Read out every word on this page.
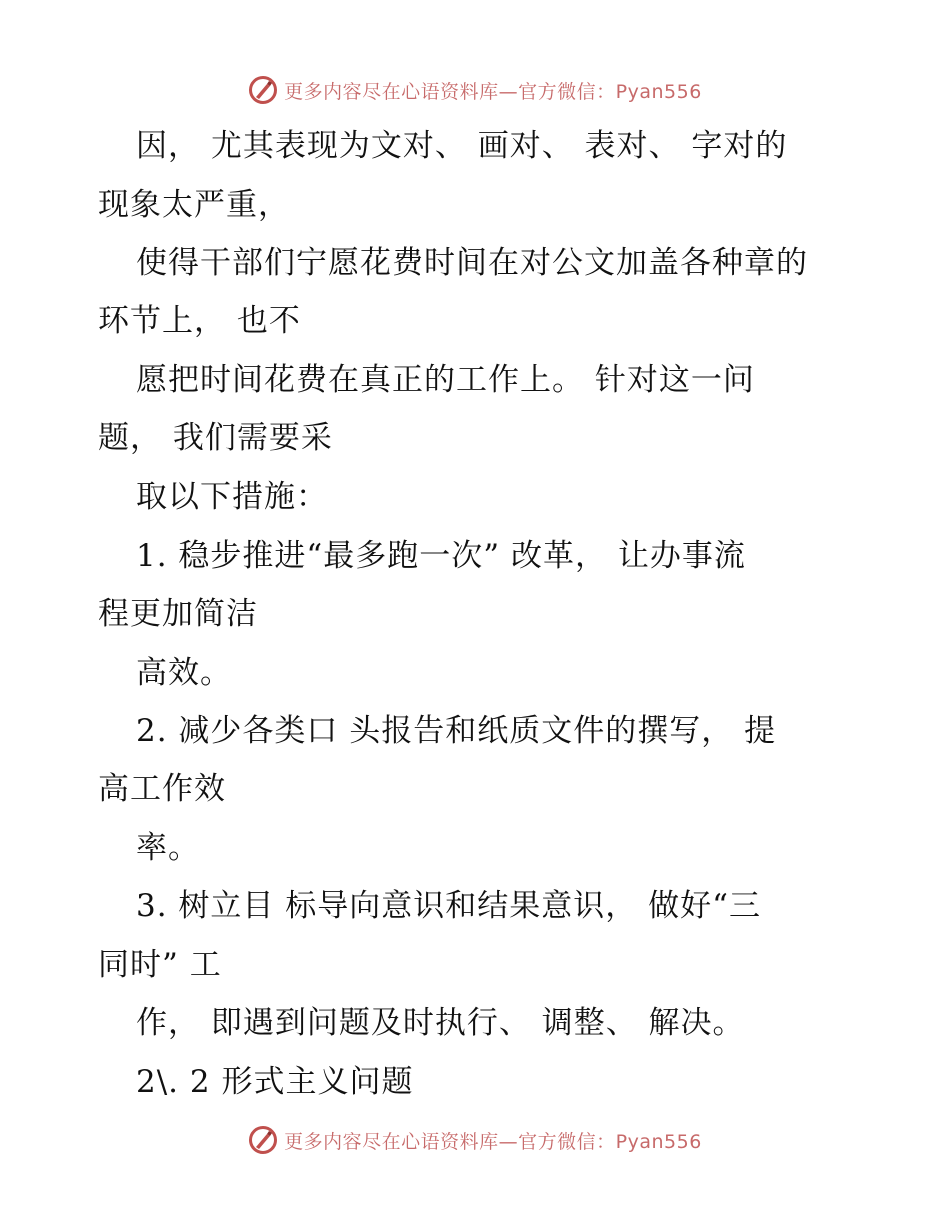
更多内容尽在心语资料库—官方微信：Pyan556
因， 尤其表现为文对、 画对、 表对、 字对的
现象太严重，
使得干部们宁愿花费时间在对公文加盖各种章的
环节上， 也不
愿把时间花费在真正的工作上。 针对这一问
题， 我们需要采
取以下措施：
1. 稳步推进“最多跑一次” 改革， 让办事流
程更加简洁
高效。
2. 减少各类口 头报告和纸质文件的撰写， 提
高工作效
率。
3. 树立目 标导向意识和结果意识， 做好“三
同时” 工
作， 即遇到问题及时执行、 调整、 解决。
2\. 2 形式主义问题
更多内容尽在心语资料库—官方微信：Pyan556
